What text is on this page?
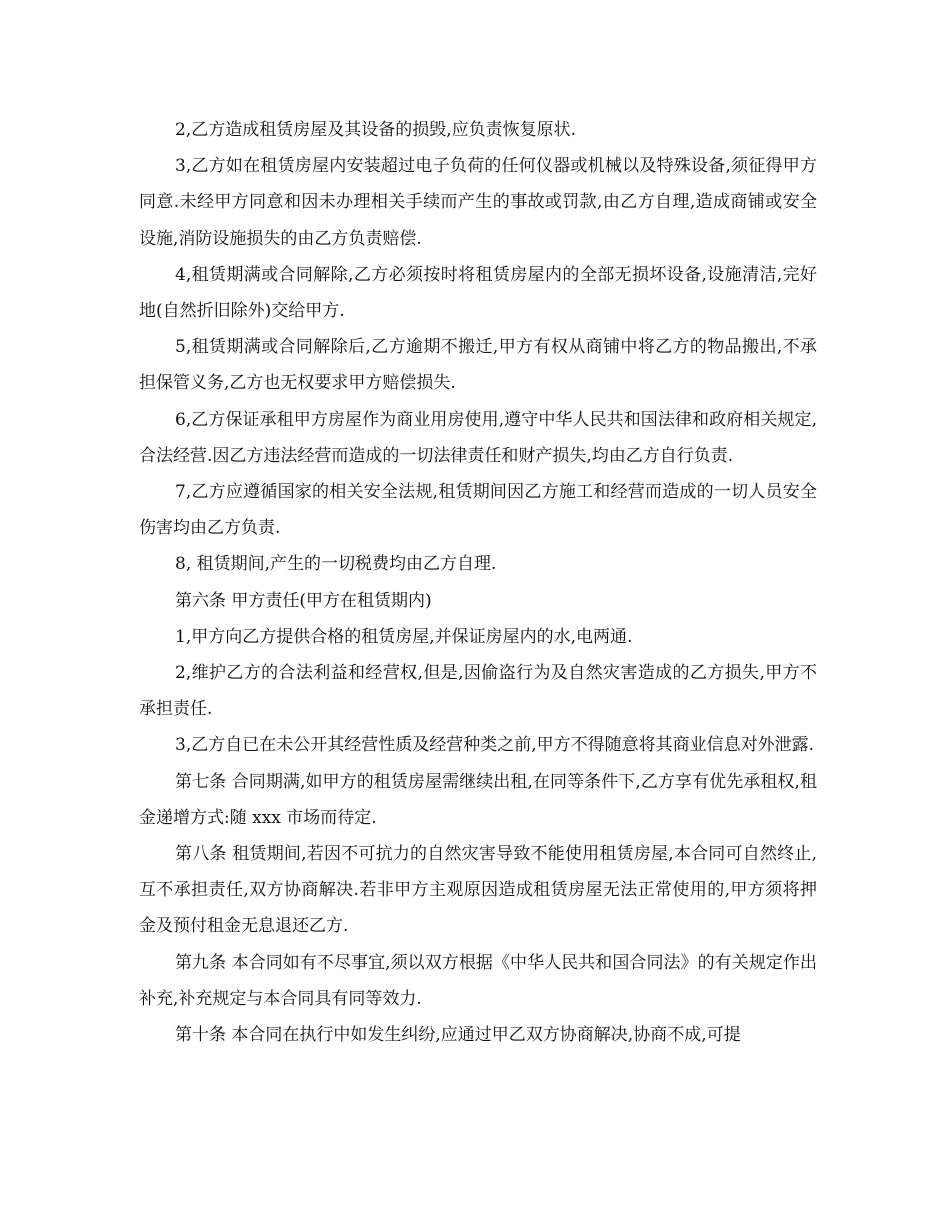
2,乙方造成租赁房屋及其设备的损毁,应负责恢复原状.

3,乙方如在租赁房屋内安装超过电子负荷的任何仪器或机械以及特殊设备,须征得甲方同意.未经甲方同意和因未办理相关手续而产生的事故或罚款,由乙方自理,造成商铺或安全设施,消防设施损失的由乙方负责赔偿.

4,租赁期满或合同解除,乙方必须按时将租赁房屋内的全部无损坏设备,设施清洁,完好地(自然折旧除外)交给甲方.

5,租赁期满或合同解除后,乙方逾期不搬迁,甲方有权从商铺中将乙方的物品搬出,不承担保管义务,乙方也无权要求甲方赔偿损失.

6,乙方保证承租甲方房屋作为商业用房使用,遵守中华人民共和国法律和政府相关规定,合法经营.因乙方违法经营而造成的一切法律责任和财产损失,均由乙方自行负责.

7,乙方应遵循国家的相关安全法规,租赁期间因乙方施工和经营而造成的一切人员安全伤害均由乙方负责.

8, 租赁期间,产生的一切税费均由乙方自理.

第六条 甲方责任(甲方在租赁期内)

1,甲方向乙方提供合格的租赁房屋,并保证房屋内的水,电两通.

2,维护乙方的合法利益和经营权,但是,因偷盗行为及自然灾害造成的乙方损失,甲方不承担责任.

3,乙方自已在未公开其经营性质及经营种类之前,甲方不得随意将其商业信息对外泄露.

第七条 合同期满,如甲方的租赁房屋需继续出租,在同等条件下,乙方享有优先承租权,租金递增方式:随 xxx 市场而待定.

第八条 租赁期间,若因不可抗力的自然灾害导致不能使用租赁房屋,本合同可自然终止,互不承担责任,双方协商解决.若非甲方主观原因造成租赁房屋无法正常使用的,甲方须将押金及预付租金无息退还乙方.

第九条 本合同如有不尽事宜,须以双方根据《中华人民共和国合同法》的有关规定作出补充,补充规定与本合同具有同等效力.

第十条 本合同在执行中如发生纠纷,应通过甲乙双方协商解决,协商不成,可提
